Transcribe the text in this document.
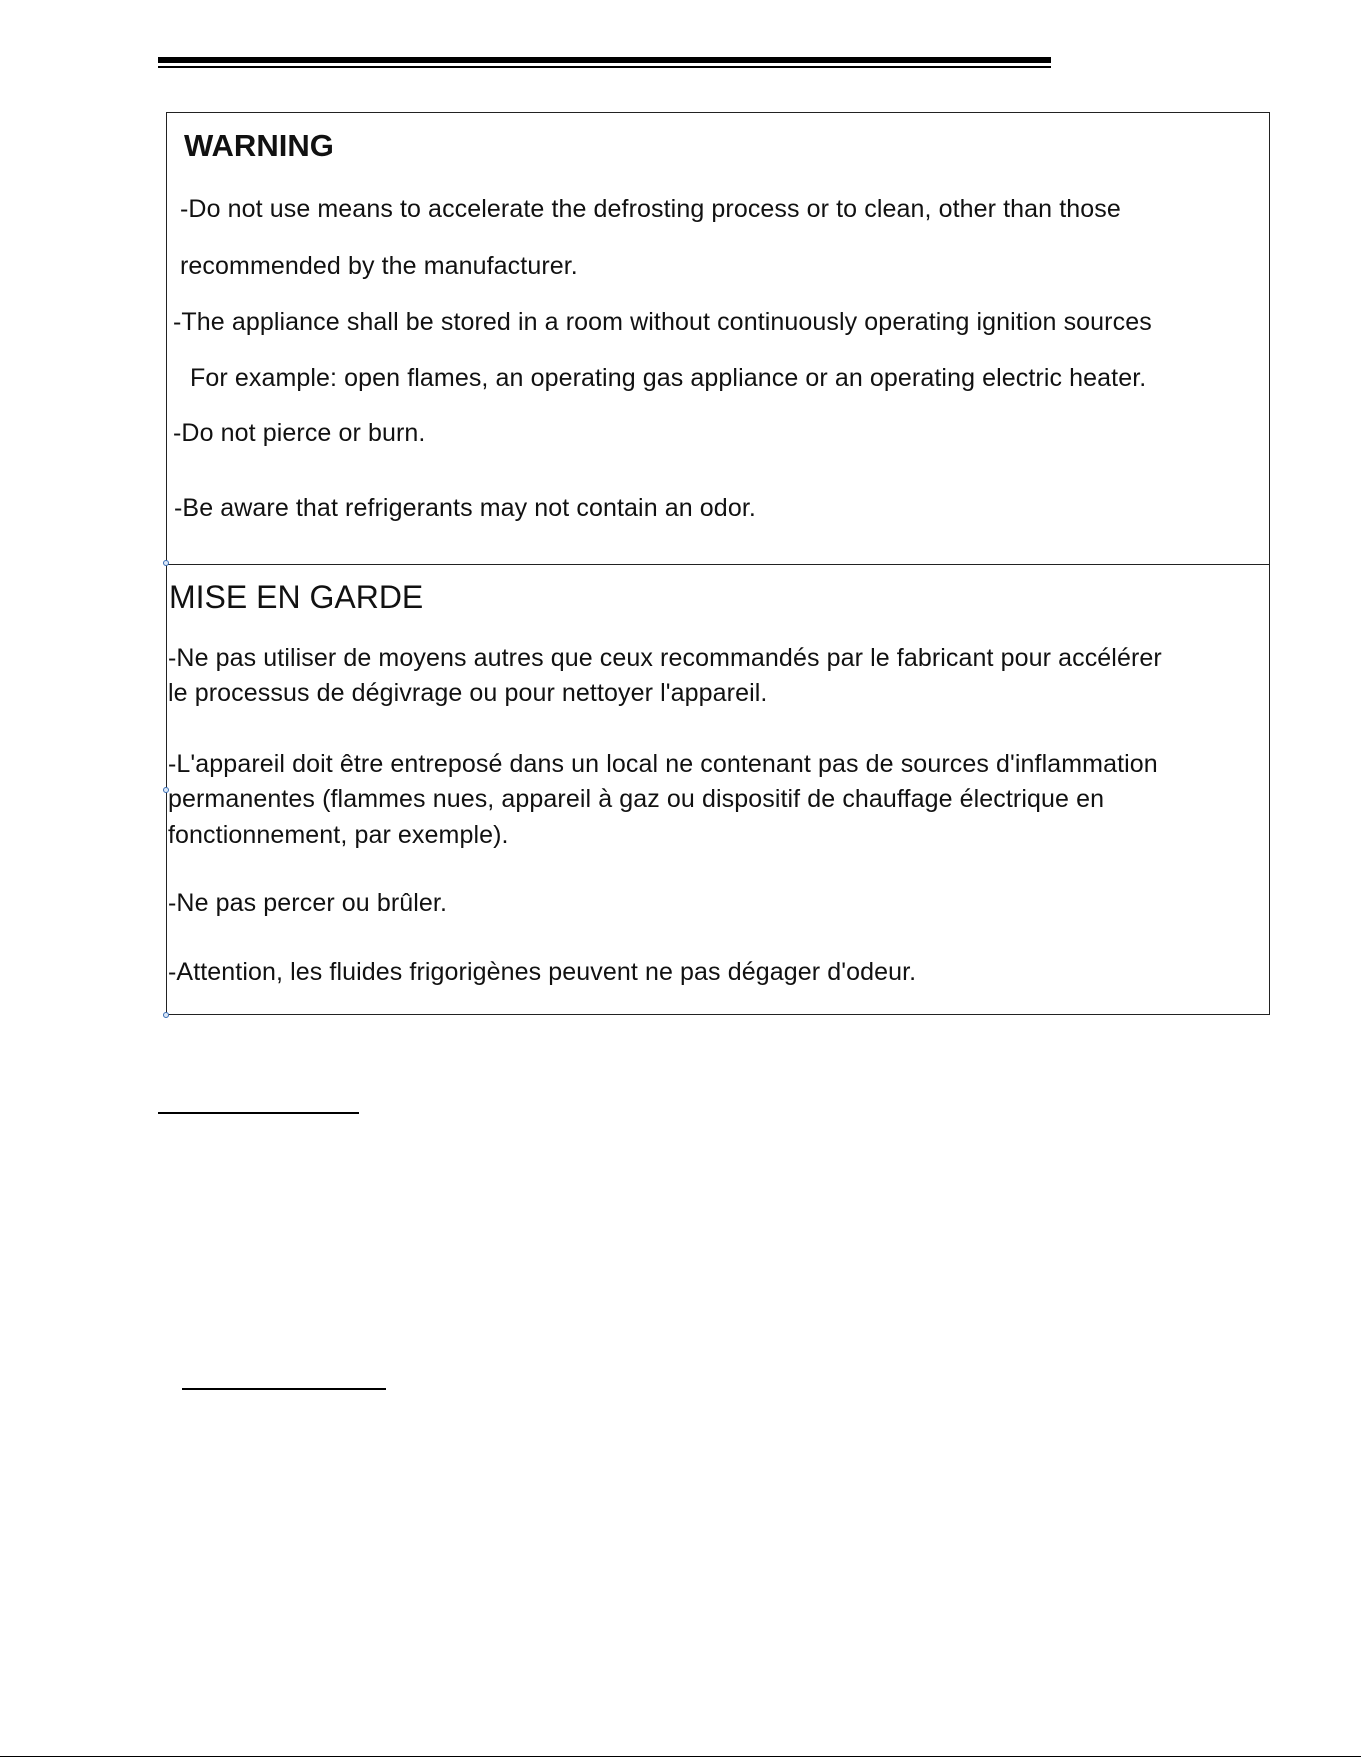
WARNING
-Do not use means to accelerate the defrosting process or to clean, other than those
recommended by the manufacturer.
-The appliance shall be stored in a room without continuously operating ignition sources
For example: open flames, an operating gas appliance or an operating electric heater.
-Do not pierce or burn.
-Be aware that refrigerants may not contain an odor.
MISE EN GARDE
-Ne pas utiliser de moyens autres que ceux recommandés par le fabricant pour accélérer
le processus de dégivrage ou pour nettoyer l'appareil.
-L'appareil doit être entreposé dans un local ne contenant pas de sources d'inflammation
permanentes (flammes nues, appareil à gaz ou dispositif de chauffage électrique en
fonctionnement, par exemple).
-Ne pas percer ou brûler.
-Attention, les fluides frigorigènes peuvent ne pas dégager d'odeur.
